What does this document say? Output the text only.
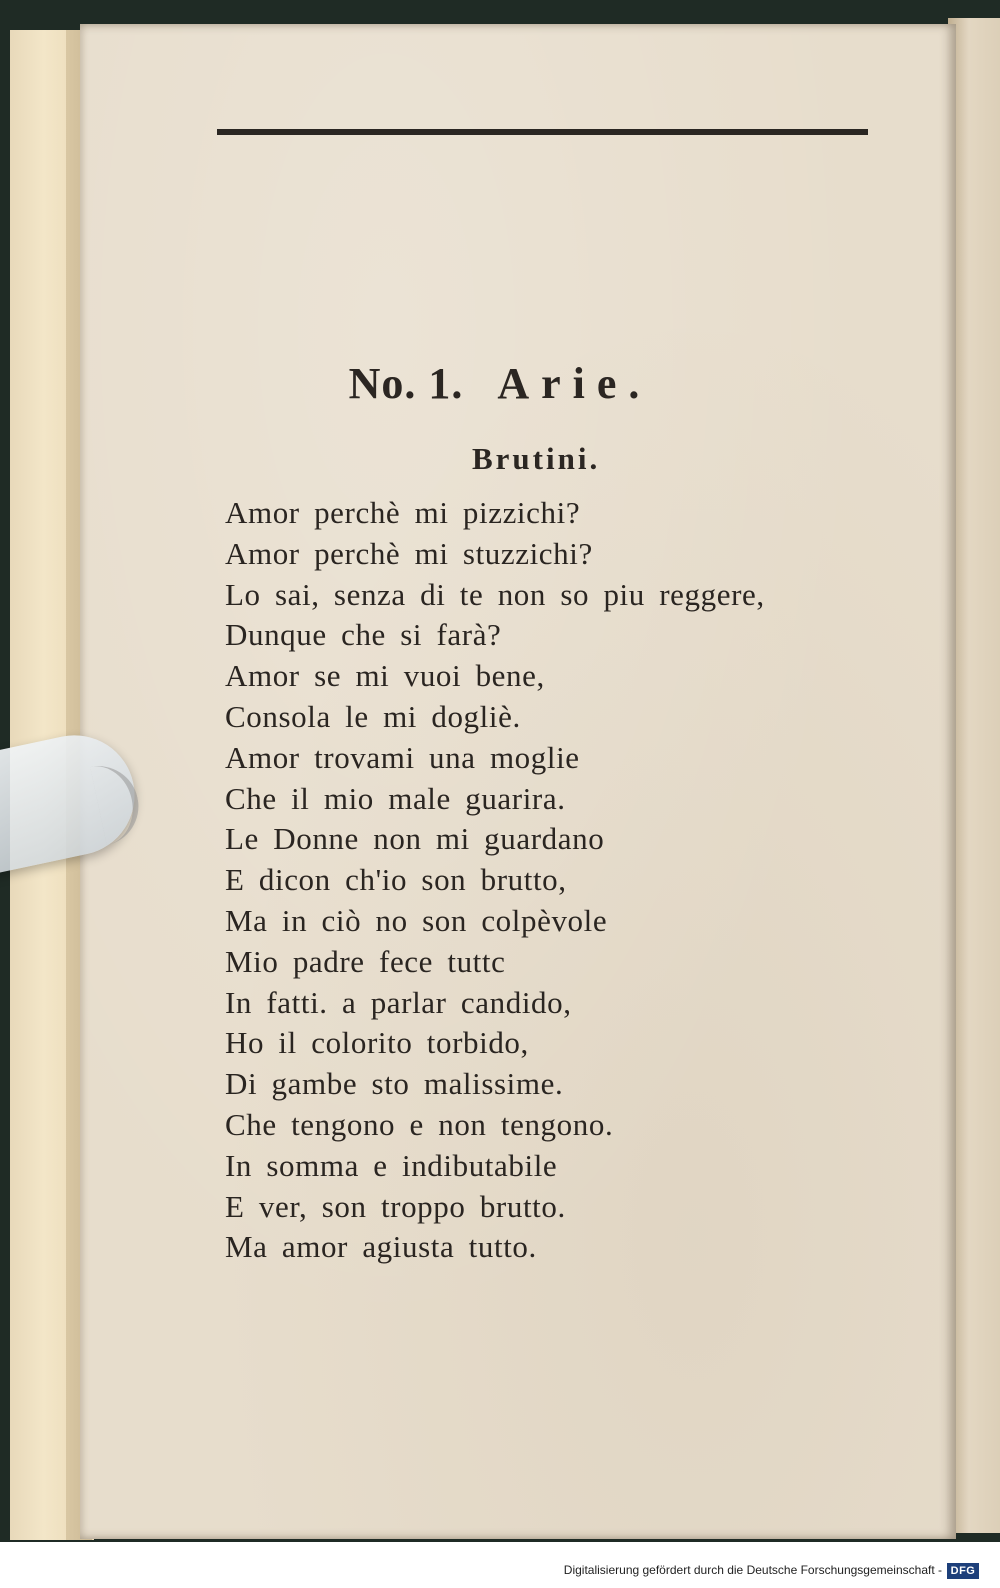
No. 1. Arie.

Brutini.

Amor perchè mi pizzichi?
Amor perchè mi stuzzichi?
Lo sai, senza di te non so piu reggere,
Dunque che si farà?
Amor se mi vuoi bene,
Consola le mi dogliè.
Amor trovami una moglie
Che il mio male guarira.
Le Donne non mi guardano
E dicon ch'io son brutto,
Ma in ciò no son colpèvole
Mio padre fece tuttc
In fatti. a parlar candido,
Ho il colorito torbido,
Di gambe sto malissime.
Che tengono e non tengono.
In somma e indibutabile
E ver, son troppo brutto.
Ma amor agiusta tutto.

Digitalisierung gefördert durch die Deutsche Forschungsgemeinschaft - DFG
